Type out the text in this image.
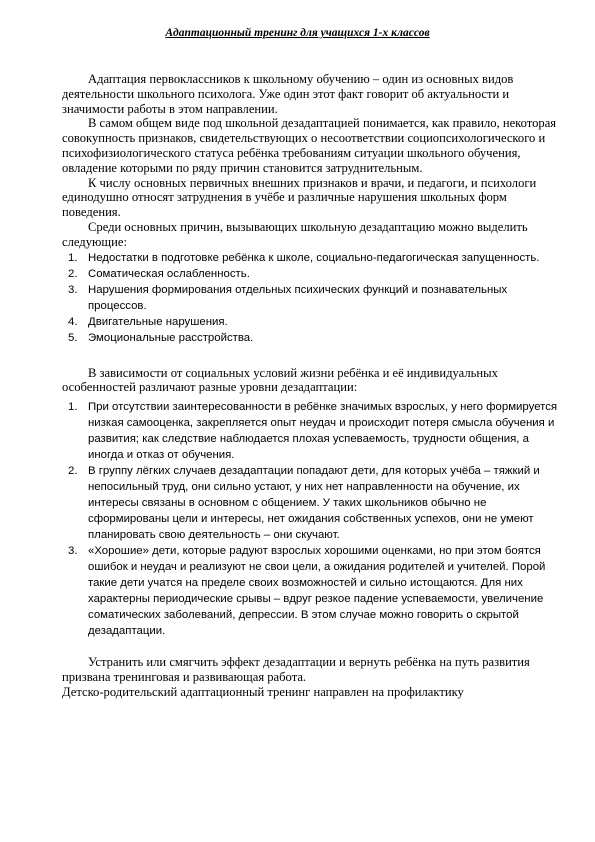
Адаптационный тренинг для учащихся 1-х классов

Адаптация первоклассников к школьному обучению – один из основных видов деятельности школьного психолога. Уже один этот факт говорит об актуальности и значимости работы в этом направлении.

В самом общем виде под школьной дезадаптацией понимается, как правило, некоторая совокупность признаков, свидетельствующих о несоответствии социопсихологического и психофизиологического статуса ребёнка требованиям ситуации школьного обучения, овладение которыми по ряду причин становится затруднительным.

К числу основных первичных внешних признаков и врачи, и педагоги, и психологи единодушно относят затруднения в учёбе и различные нарушения школьных форм поведения.

Среди основных причин, вызывающих школьную дезадаптацию можно выделить следующие:

1. Недостатки в подготовке ребёнка к школе, социально-педагогическая запущенность.
2. Соматическая ослабленность.
3. Нарушения формирования отдельных психических функций и познавательных процессов.
4. Двигательные нарушения.
5. Эмоциональные расстройства.

В зависимости от социальных условий жизни ребёнка и её индивидуальных особенностей различают разные уровни дезадаптации:

1. При отсутствии заинтересованности в ребёнке значимых взрослых, у него формируется низкая самооценка, закрепляется опыт неудач и происходит потеря смысла обучения и развития; как следствие наблюдается плохая успеваемость, трудности общения, а иногда и отказ от обучения.
2. В группу лёгких случаев дезадаптации попадают дети, для которых учёба – тяжкий и непосильный труд, они сильно устают, у них нет направленности на обучение, их интересы связаны в основном с общением. У таких школьников обычно не сформированы цели и интересы, нет ожидания собственных успехов, они не умеют планировать свою деятельность – они скучают.
3. «Хорошие» дети, которые радуют взрослых хорошими оценками, но при этом боятся ошибок и неудач и реализуют не свои цели, а ожидания родителей и учителей. Порой такие дети учатся на пределе своих возможностей и сильно истощаются. Для них характерны периодические срывы – вдруг резкое падение успеваемости, увеличение соматических заболеваний, депрессии. В этом случае можно говорить о скрытой дезадаптации.

Устранить или смягчить эффект дезадаптации и вернуть ребёнка на путь развития призвана тренинговая и развивающая работа.

Детско-родительский адаптационный тренинг направлен на профилактику
